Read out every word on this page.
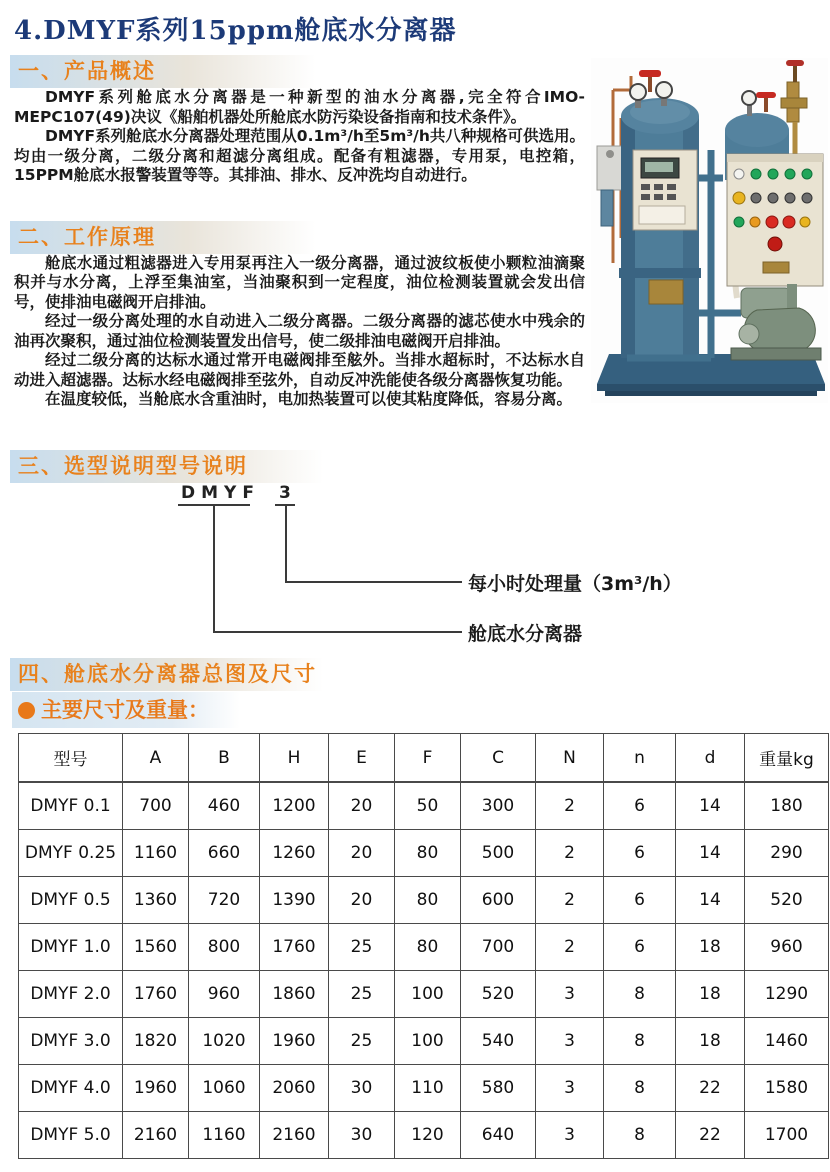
4.DMYF系列15ppm舱底水分离器
一、产品概述

DMYF系列舱底水分离器是一种新型的油水分离器,完全符合IMO-MEPC107(49)决议《船舶机器处所舱底水防污染设备指南和技术条件》。

DMYF系列舱底水分离器处理范围从0.1m³/h至5m³/h共八种规格可供选用。均由一级分离，二级分离和超滤分离组成。配备有粗滤器，专用泵，电控箱，15PPM舱底水报警装置等等。其排油、排水、反冲洗均自动进行。

二、工作原理

舱底水通过粗滤器进入专用泵再注入一级分离器，通过波纹板使小颗粒油滴聚积并与水分离，上浮至集油室，当油聚积到一定程度，油位检测装置就会发出信号，使排油电磁阀开启排油。

经过一级分离处理的水自动进入二级分离器。二级分离器的滤芯使水中残余的油再次聚积，通过油位检测装置发出信号，使二级排油电磁阀开启排油。

经过二级分离的达标水通过常开电磁阀排至舷外。当排水超标时，不达标水自动进入超滤器。达标水经电磁阀排至弦外，自动反冲洗能使各级分离器恢复功能。

在温度较低，当舱底水含重油时，电加热装置可以使其粘度降低，容易分离。

三、选型说明型号说明
DMYF 3
每小时处理量（3m³/h）
舱底水分离器
四、舱底水分离器总图及尺寸
主要尺寸及重量：
型号	A	B	H	E	F	C	N	n	d	重量kg
DMYF 0.1	700	460	1200	20	50	300	2	6	14	180
DMYF 0.25	1160	660	1260	20	80	500	2	6	14	290
DMYF 0.5	1360	720	1390	20	80	600	2	6	14	520
DMYF 1.0	1560	800	1760	25	80	700	2	6	18	960
DMYF 2.0	1760	960	1860	25	100	520	3	8	18	1290
DMYF 3.0	1820	1020	1960	25	100	540	3	8	18	1460
DMYF 4.0	1960	1060	2060	30	110	580	3	8	22	1580
DMYF 5.0	2160	1160	2160	30	120	640	3	8	22	1700
